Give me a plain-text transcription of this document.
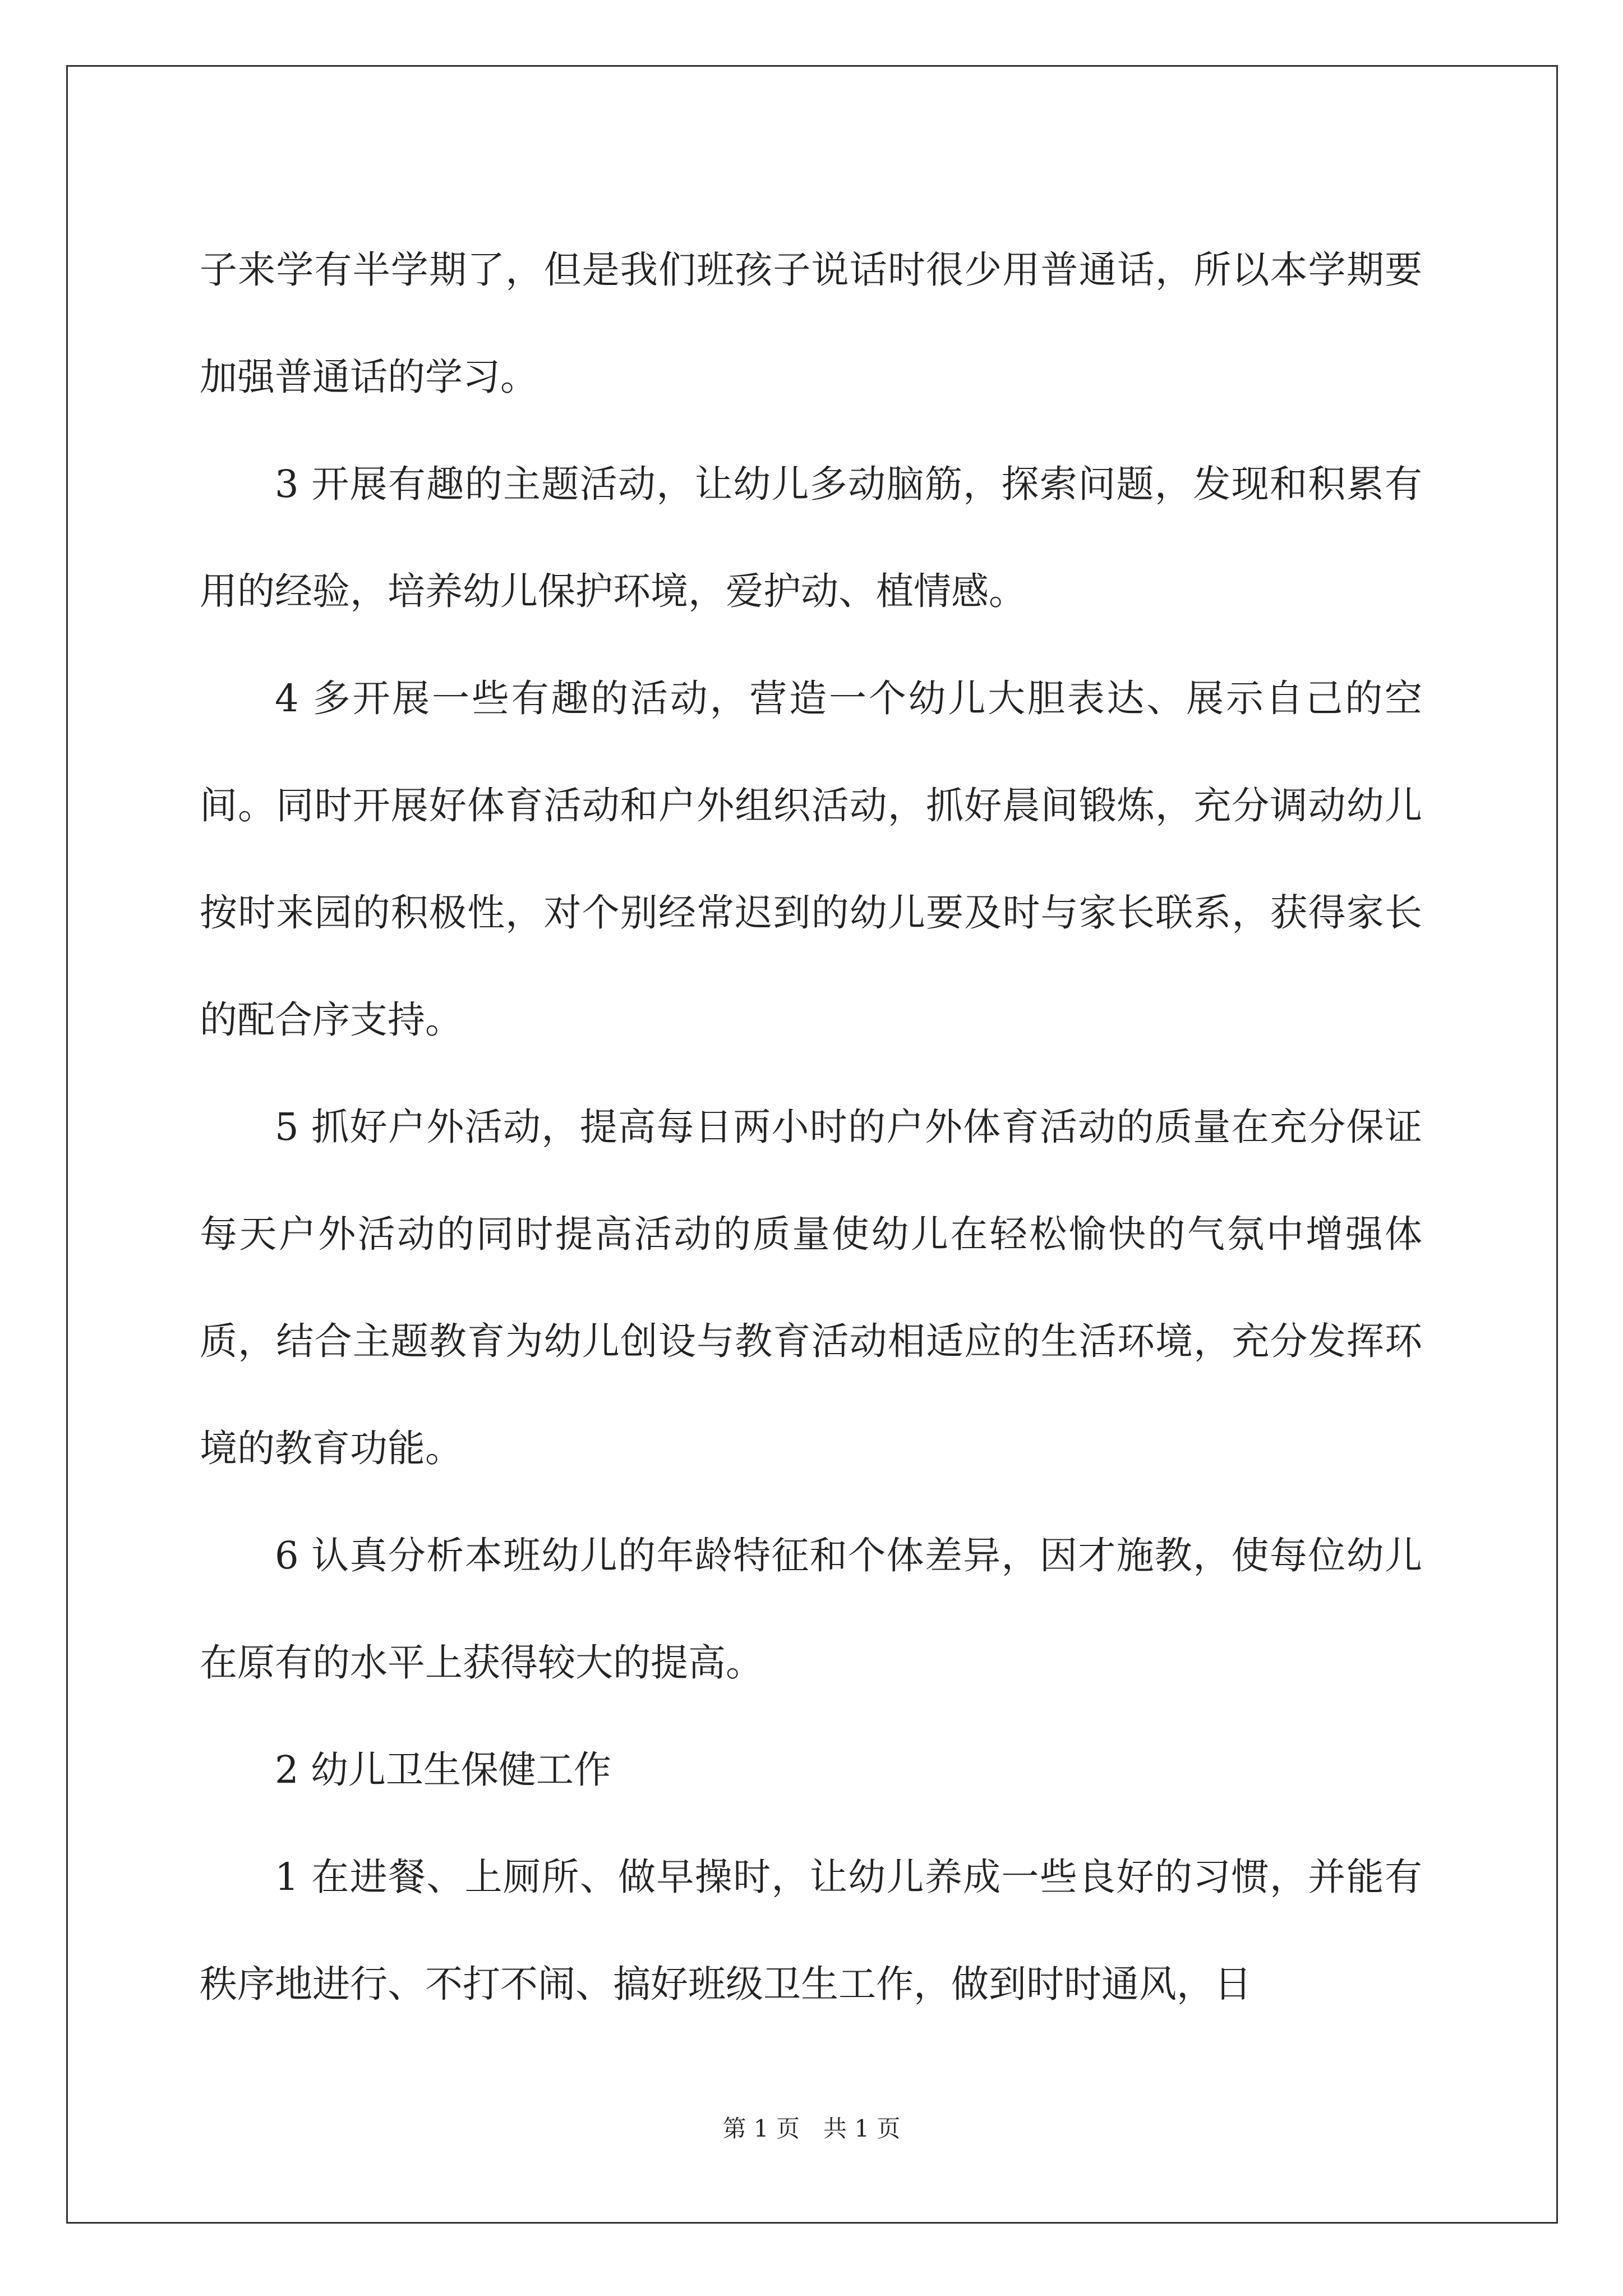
子来学有半学期了，但是我们班孩子说话时很少用普通话，所以本学期要加强普通话的学习。

3 开展有趣的主题活动，让幼儿多动脑筋，探索问题，发现和积累有用的经验，培养幼儿保护环境，爱护动、植情感。

4 多开展一些有趣的活动，营造一个幼儿大胆表达、展示自己的空间。同时开展好体育活动和户外组织活动，抓好晨间锻炼，充分调动幼儿按时来园的积极性，对个别经常迟到的幼儿要及时与家长联系，获得家长的配合序支持。

5 抓好户外活动，提高每日两小时的户外体育活动的质量在充分保证每天户外活动的同时提高活动的质量使幼儿在轻松愉快的气氛中增强体质，结合主题教育为幼儿创设与教育活动相适应的生活环境，充分发挥环境的教育功能。

6 认真分析本班幼儿的年龄特征和个体差异，因才施教，使每位幼儿在原有的水平上获得较大的提高。

2 幼儿卫生保健工作

1 在进餐、上厕所、做早操时，让幼儿养成一些良好的习惯，并能有秩序地进行、不打不闹、搞好班级卫生工作，做到时时通风，日

第 1 页 共 1 页
